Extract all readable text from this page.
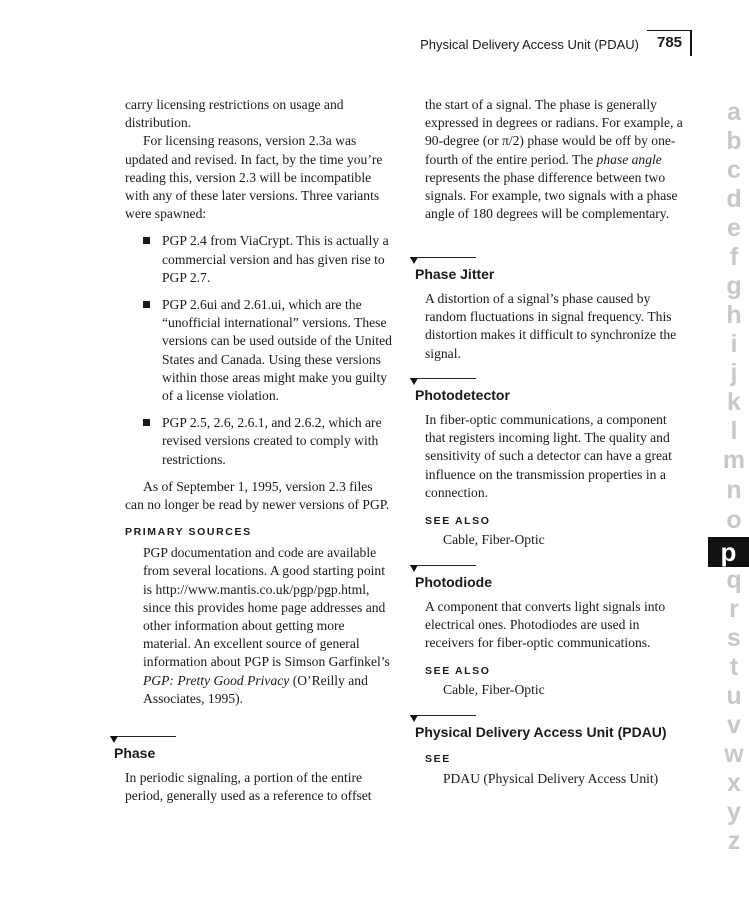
Physical Delivery Access Unit (PDAU) 785

carry licensing restrictions on usage and distribution.

For licensing reasons, version 2.3a was updated and revised. In fact, by the time you’re reading this, version 2.3 will be incompatible with any of these later versions. Three variants were spawned:

PGP 2.4 from ViaCrypt. This is actually a commercial version and has given rise to PGP 2.7.
PGP 2.6ui and 2.61.ui, which are the “unofficial international” versions. These versions can be used outside of the United States and Canada. Using these versions within those areas might make you guilty of a license violation.
PGP 2.5, 2.6, 2.6.1, and 2.6.2, which are revised versions created to comply with restrictions.

As of September 1, 1995, version 2.3 files can no longer be read by newer versions of PGP.

PRIMARY SOURCES

PGP documentation and code are available from several locations. A good starting point is http://www.mantis.co.uk/pgp/pgp.html, since this provides home page addresses and other information about getting more material. An excellent source of general information about PGP is Simson Garfinkel’s PGP: Pretty Good Privacy (O’Reilly and Associates, 1995).

Phase

In periodic signaling, a portion of the entire period, generally used as a reference to offset

the start of a signal. The phase is generally expressed in degrees or radians. For example, a 90-degree (or π/2) phase would be off by one-fourth of the entire period. The phase angle represents the phase difference between two signals. For example, two signals with a phase angle of 180 degrees will be complementary.

Phase Jitter

A distortion of a signal’s phase caused by random fluctuations in signal frequency. This distortion makes it difficult to synchronize the signal.

Photodetector

In fiber-optic communications, a component that registers incoming light. The quality and sensitivity of such a detector can have a great influence on the transmission properties in a connection.

SEE ALSO

Cable, Fiber-Optic

Photodiode

A component that converts light signals into electrical ones. Photodiodes are used in receivers for fiber-optic communications.

SEE ALSO

Cable, Fiber-Optic

Physical Delivery Access Unit (PDAU)
SEE

PDAU (Physical Delivery Access Unit)

a
b
c
d
e
f
g
h
i
j
k
l
m
n
o
p
q
r
s
t
u
v
w
x
y
z
